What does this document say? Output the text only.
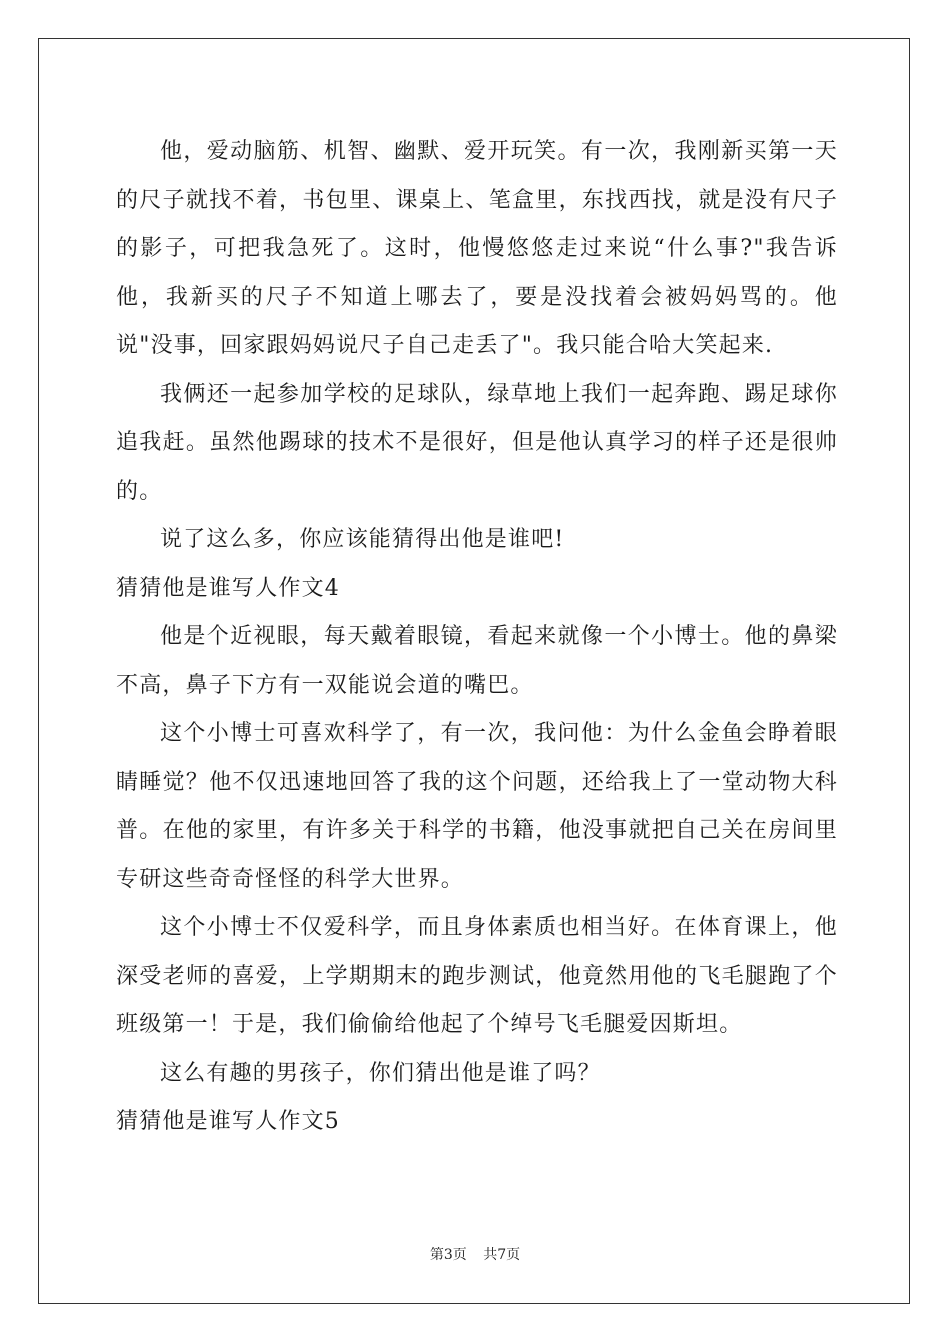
他，爱动脑筋、机智、幽默、爱开玩笑。有一次，我刚新买第一天的尺子就找不着，书包里、课桌上、笔盒里，东找西找，就是没有尺子的影子，可把我急死了。这时，他慢悠悠走过来说“什么事?"我告诉他，我新买的尺子不知道上哪去了，要是没找着会被妈妈骂的。他说"没事，回家跟妈妈说尺子自己走丢了"。我只能合哈大笑起来.

我俩还一起参加学校的足球队，绿草地上我们一起奔跑、踢足球你追我赶。虽然他踢球的技术不是很好，但是他认真学习的样子还是很帅的。

说了这么多，你应该能猜得出他是谁吧!

猜猜他是谁写人作文4

他是个近视眼，每天戴着眼镜，看起来就像一个小博士。他的鼻梁不高，鼻子下方有一双能说会道的嘴巴。

这个小博士可喜欢科学了，有一次，我问他：为什么金鱼会睁着眼睛睡觉？他不仅迅速地回答了我的这个问题，还给我上了一堂动物大科普。在他的家里，有许多关于科学的书籍，他没事就把自己关在房间里专研这些奇奇怪怪的科学大世界。

这个小博士不仅爱科学，而且身体素质也相当好。在体育课上，他深受老师的喜爱，上学期期末的跑步测试，他竟然用他的飞毛腿跑了个班级第一！于是，我们偷偷给他起了个绰号飞毛腿爱因斯坦。

这么有趣的男孩子，你们猜出他是谁了吗？

猜猜他是谁写人作文5

第3页 共7页
